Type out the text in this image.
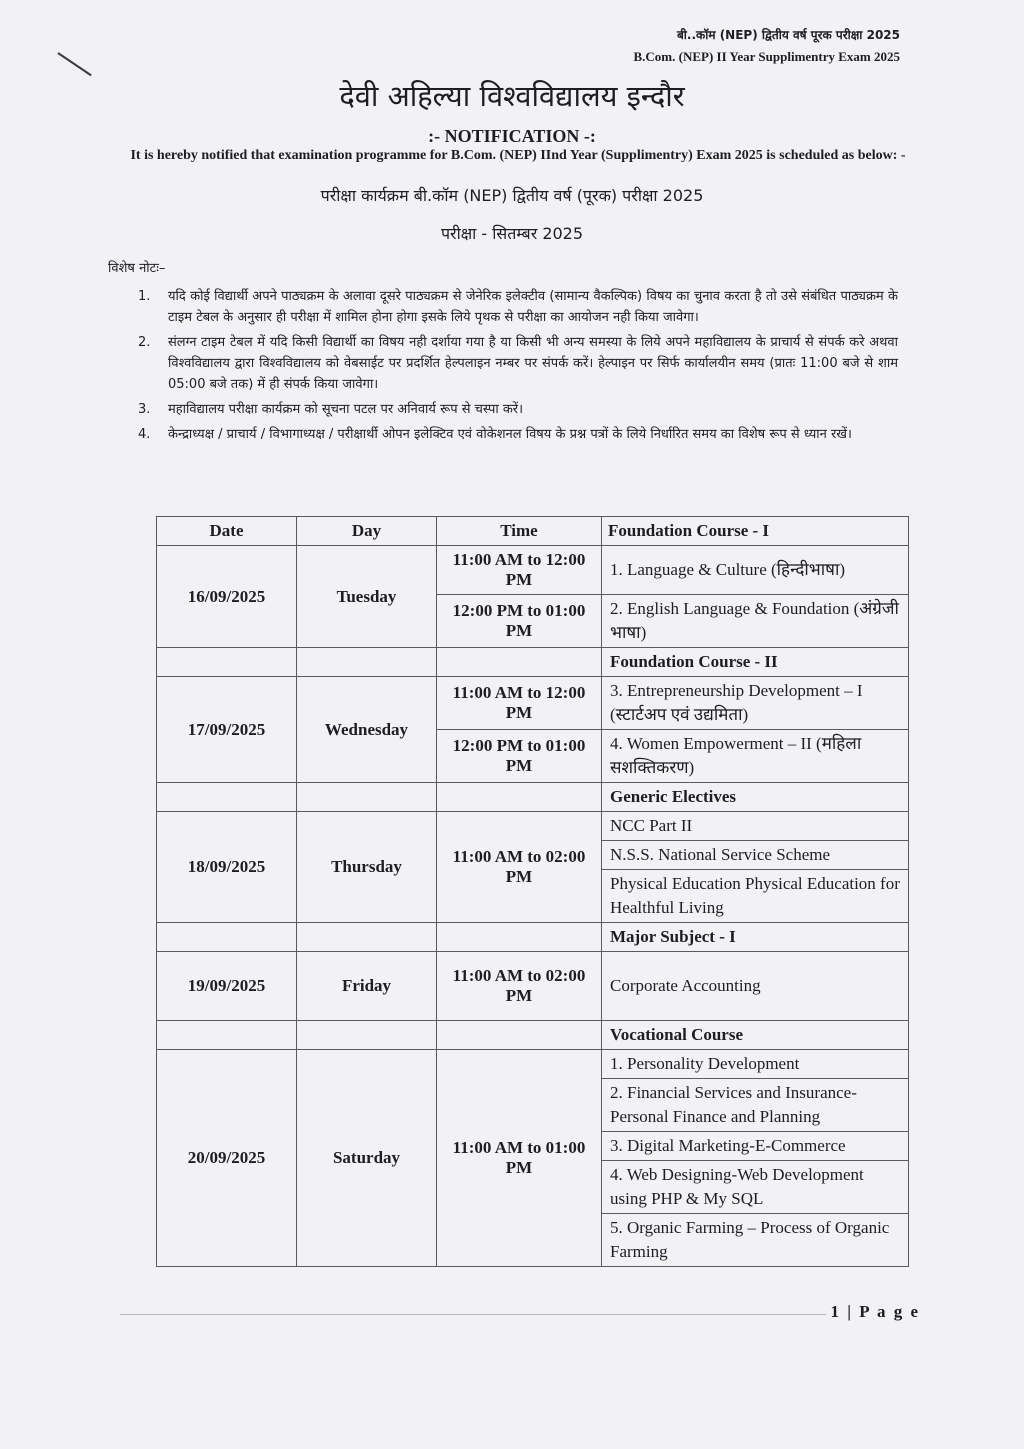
बी..कॉम (NEP) द्वितीय वर्ष पूरक परीक्षा 2025
B.Com. (NEP) II Year Supplimentry Exam 2025
देवी अहिल्या विश्वविद्यालय इन्दौर
:- NOTIFICATION -:
It is hereby notified that examination programme for B.Com. (NEP) IInd Year (Supplimentry) Exam 2025 is scheduled as below: -
परीक्षा कार्यक्रम बी.कॉम (NEP) द्वितीय वर्ष (पूरक) परीक्षा 2025
परीक्षा - सितम्बर 2025
विशेष नोटः–
1.	यदि कोई विद्यार्थी अपने पाठ्यक्रम के अलावा दूसरे पाठ्यक्रम से जेनेरिक इलेक्टीव (सामान्य वैकल्पिक) विषय का चुनाव करता है तो उसे संबंधित पाठ्यक्रम के टाइम टेबल के अनुसार ही परीक्षा में शामिल होना होगा इसके लिये पृथक से परीक्षा का आयोजन नही किया जावेगा।
2.	संलग्न टाइम टेबल में यदि किसी विद्यार्थी का विषय नही दर्शाया गया है या किसी भी अन्य समस्या के लिये अपने महाविद्यालय के प्राचार्य से संपर्क करे अथवा विश्वविद्यालय द्वारा विश्वविद्यालय को वेबसाईट पर प्रदर्शित हेल्पलाइन नम्बर पर संपर्क करें। हेल्पाइन पर सिर्फ कार्यालयीन समय (प्रातः 11:00 बजे से शाम 05:00 बजे तक) में ही संपर्क किया जावेगा।
3.	महाविद्यालय परीक्षा कार्यक्रम को सूचना पटल पर अनिवार्य रूप से चस्पा करें।
4.	केन्द्राध्यक्ष / प्राचार्य / विभागाध्यक्ष / परीक्षार्थी ओपन इलेक्टिव एवं वोकेशनल विषय के प्रश्न पत्रों के लिये निर्धारित समय का विशेष रूप से ध्यान रखें।
Date	Day	Time	Foundation Course - I
16/09/2025	Tuesday	11:00 AM to 12:00 PM	1. Language & Culture (हिन्दीभाषा)
		12:00 PM to 01:00 PM	2. English Language & Foundation (अंग्रेजी भाषा)
			Foundation Course - II
17/09/2025	Wednesday	11:00 AM to 12:00 PM	3. Entrepreneurship Development – I (स्टार्टअप एवं उद्यमिता)
		12:00 PM to 01:00 PM	4. Women Empowerment – II (महिला सशक्तिकरण)
			Generic Electives
18/09/2025	Thursday	11:00 AM to 02:00 PM	NCC Part II
			N.S.S. National Service Scheme
			Physical Education Physical Education for Healthful Living
			Major Subject - I
19/09/2025	Friday	11:00 AM to 02:00 PM	Corporate Accounting
			Vocational Course
20/09/2025	Saturday	11:00 AM to 01:00 PM	1. Personality Development
			2. Financial Services and Insurance-Personal Finance and Planning
			3. Digital Marketing-E-Commerce
			4. Web Designing-Web Development using PHP & My SQL
			5. Organic Farming – Process of Organic Farming
1 | P a g e
